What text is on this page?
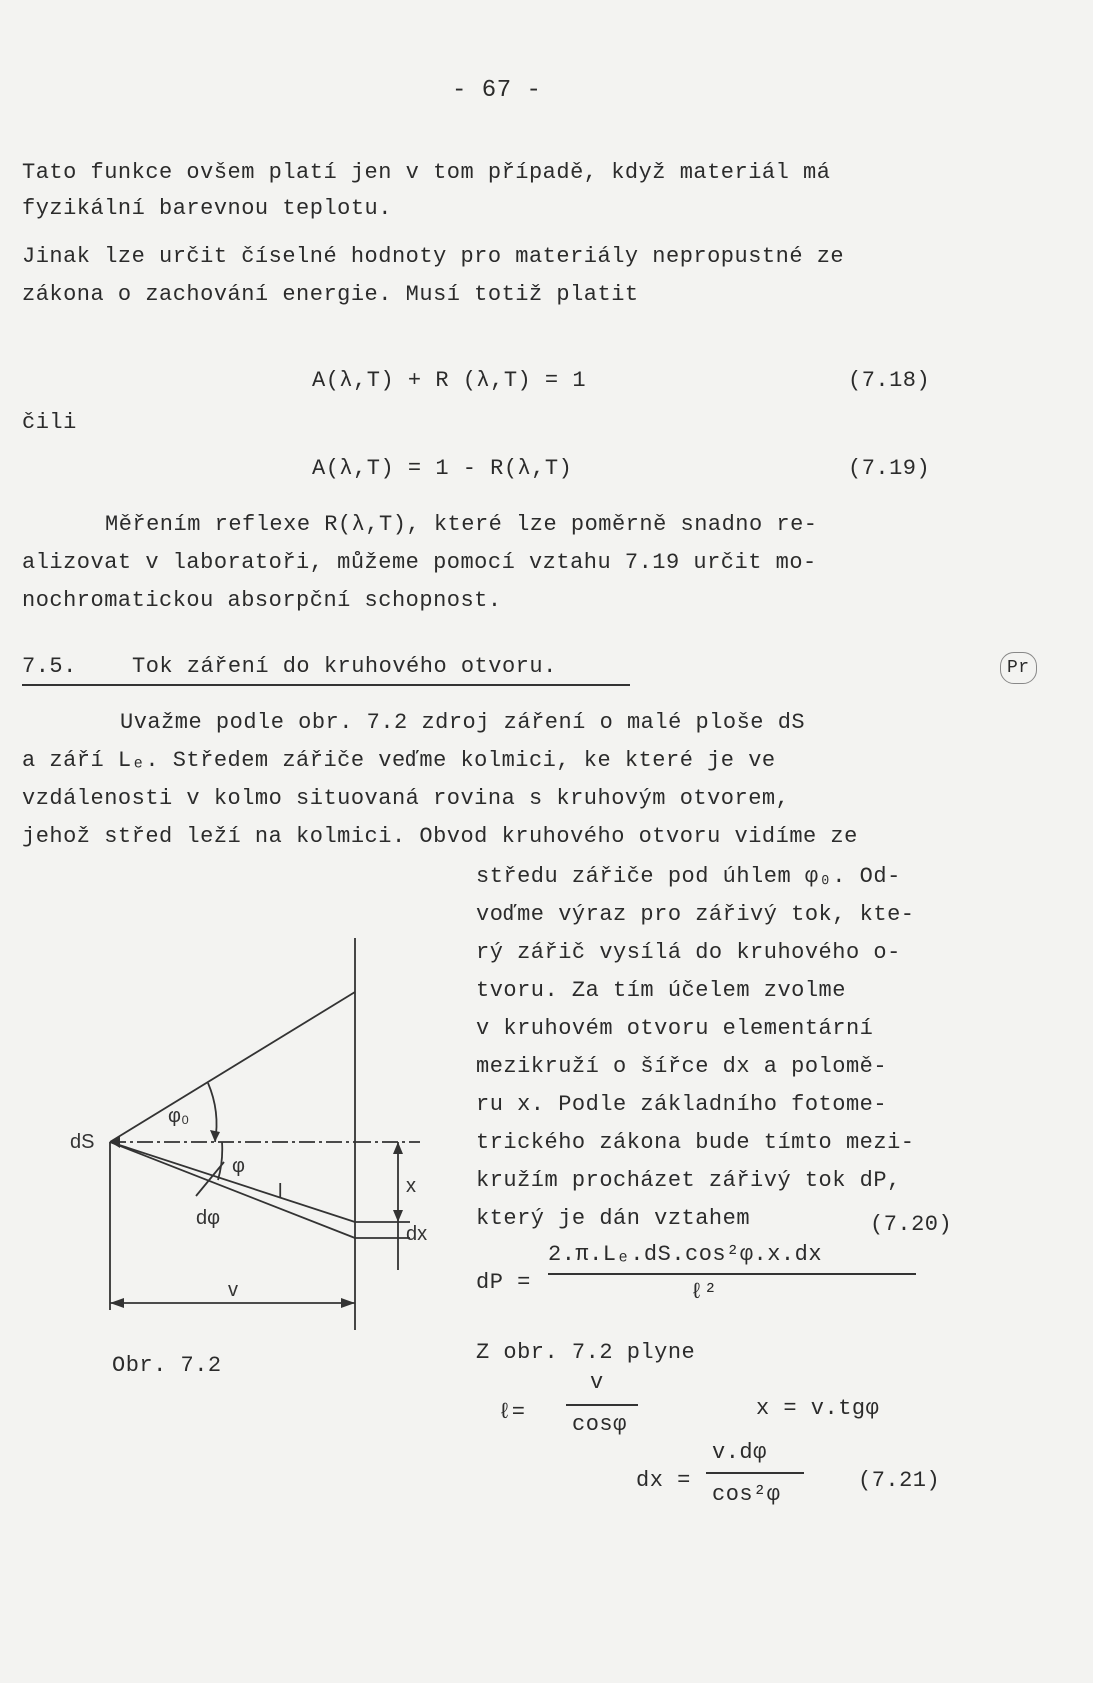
- 67 -
Tato funkce ovšem platí jen v tom případě, když materiál má
fyzikální barevnou teplotu.
Jinak lze určit číselné hodnoty pro materiály nepropustné ze
zákona o zachování energie. Musí totiž platit
A(λ,T) + R (λ,T) = 1	(7.18)
čili
A(λ,T) = 1 - R(λ,T)	(7.19)
Měřením reflexe R(λ,T), které lze poměrně snadno re-
alizovat v laboratoři, můžeme pomocí vztahu 7.19 určit mo-
nochromatickou absorpční schopnost.
7.5.	Tok záření do kruhového otvoru.	Pr
Uvažme podle obr. 7.2 zdroj záření o malé ploše dS
a září Lₑ. Středem zářiče veďme kolmici, ke které je ve
vzdálenosti v kolmo situovaná rovina s kruhovým otvorem,
jehož střed leží na kolmici. Obvod kruhového otvoru vidíme ze
středu zářiče pod úhlem φ₀. Od-
voďme výraz pro zářivý tok, kte-
rý zářič vysílá do kruhového o-
tvoru. Za tím účelem zvolme
v kruhovém otvoru elementární
mezikruží o šířce dx a polomě-
ru x. Podle základního fotome-
trického zákona bude tímto mezi-
kružím procházet zářivý tok dP,
který je dán vztahem	(7.20)
dP =
2.π.Lₑ.dS.cos²φ.x.dx
ℓ²
Z obr. 7.2 plyne
ℓ=
v
cosφ
x = v.tgφ
dx =
v.dφ
cos²φ
(7.21)
dS
φ₀
φ
l
dφ
x
dx
v
Obr. 7.2
